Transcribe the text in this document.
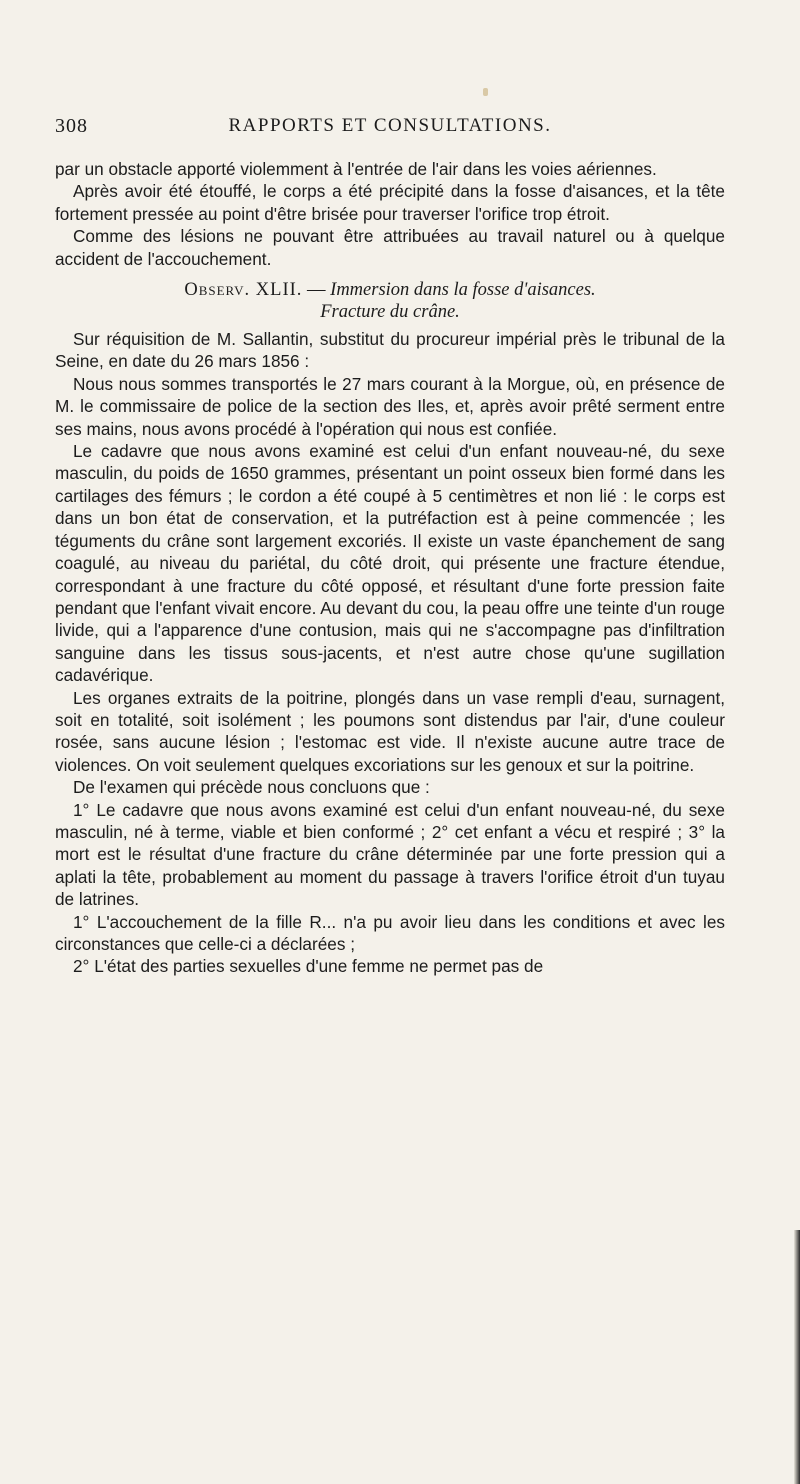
308	RAPPORTS ET CONSULTATIONS.

par un obstacle apporté violemment à l'entrée de l'air dans les voies aériennes.

Après avoir été étouffé, le corps a été précipité dans la fosse d'aisances, et la tête fortement pressée au point d'être brisée pour traverser l'orifice trop étroit.

Comme des lésions ne pouvant être attribuées au travail naturel ou à quelque accident de l'accouchement.

Observ. XLII. — Immersion dans la fosse d'aisances.
Fracture du crâne.

Sur réquisition de M. Sallantin, substitut du procureur impérial près le tribunal de la Seine, en date du 26 mars 1856 :

Nous nous sommes transportés le 27 mars courant à la Morgue, où, en présence de M. le commissaire de police de la section des Iles, et, après avoir prêté serment entre ses mains, nous avons procédé à l'opération qui nous est confiée.

Le cadavre que nous avons examiné est celui d'un enfant nouveau-né, du sexe masculin, du poids de 1650 grammes, présentant un point osseux bien formé dans les cartilages des fémurs ; le cordon a été coupé à 5 centimètres et non lié : le corps est dans un bon état de conservation, et la putréfaction est à peine commencée ; les téguments du crâne sont largement excoriés. Il existe un vaste épanchement de sang coagulé, au niveau du pariétal, du côté droit, qui présente une fracture étendue, correspondant à une fracture du côté opposé, et résultant d'une forte pression faite pendant que l'enfant vivait encore. Au devant du cou, la peau offre une teinte d'un rouge livide, qui a l'apparence d'une contusion, mais qui ne s'accompagne pas d'infiltration sanguine dans les tissus sous-jacents, et n'est autre chose qu'une sugillation cadavérique.

Les organes extraits de la poitrine, plongés dans un vase rempli d'eau, surnagent, soit en totalité, soit isolément ; les poumons sont distendus par l'air, d'une couleur rosée, sans aucune lésion ; l'estomac est vide. Il n'existe aucune autre trace de violences. On voit seulement quelques excoriations sur les genoux et sur la poitrine.

De l'examen qui précède nous concluons que :

1° Le cadavre que nous avons examiné est celui d'un enfant nouveau-né, du sexe masculin, né à terme, viable et bien conformé ; 2° cet enfant a vécu et respiré ; 3° la mort est le résultat d'une fracture du crâne déterminée par une forte pression qui a aplati la tête, probablement au moment du passage à travers l'orifice étroit d'un tuyau de latrines.

1° L'accouchement de la fille R... n'a pu avoir lieu dans les conditions et avec les circonstances que celle-ci a déclarées ;

2° L'état des parties sexuelles d'une femme ne permet pas de
